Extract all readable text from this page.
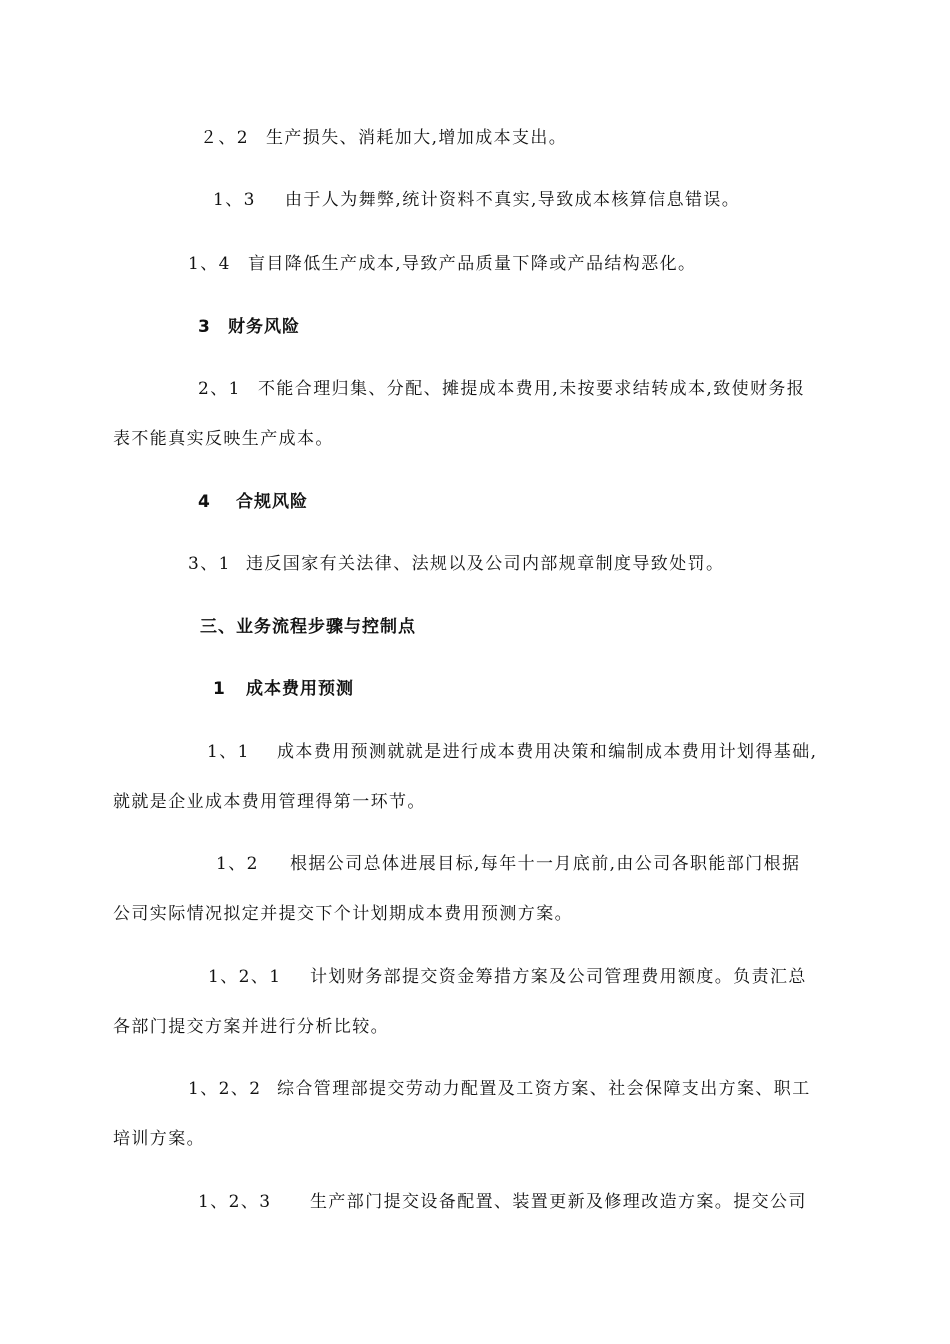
２、2 生产损失、消耗加大,增加成本支出。
1、3 由于人为舞弊,统计资料不真实,导致成本核算信息错误。
1、4 盲目降低生产成本,导致产品质量下降或产品结构恶化。
3 财务风险
2、1 不能合理归集、分配、摊提成本费用,未按要求结转成本,致使财务报
表不能真实反映生产成本。
4 合规风险
3、1 违反国家有关法律、法规以及公司内部规章制度导致处罚。
三、业务流程步骤与控制点
1 成本费用预测
1、1 成本费用预测就就是进行成本费用决策和编制成本费用计划得基础,
就就是企业成本费用管理得第一环节。
1、2 根据公司总体进展目标,每年十一月底前,由公司各职能部门根据
公司实际情况拟定并提交下个计划期成本费用预测方案。
1、2、1 计划财务部提交资金筹措方案及公司管理费用额度。负责汇总
各部门提交方案并进行分析比较。
1、2、2 综合管理部提交劳动力配置及工资方案、社会保障支出方案、职工
培训方案。
1、2、3 生产部门提交设备配置、装置更新及修理改造方案。提交公司
